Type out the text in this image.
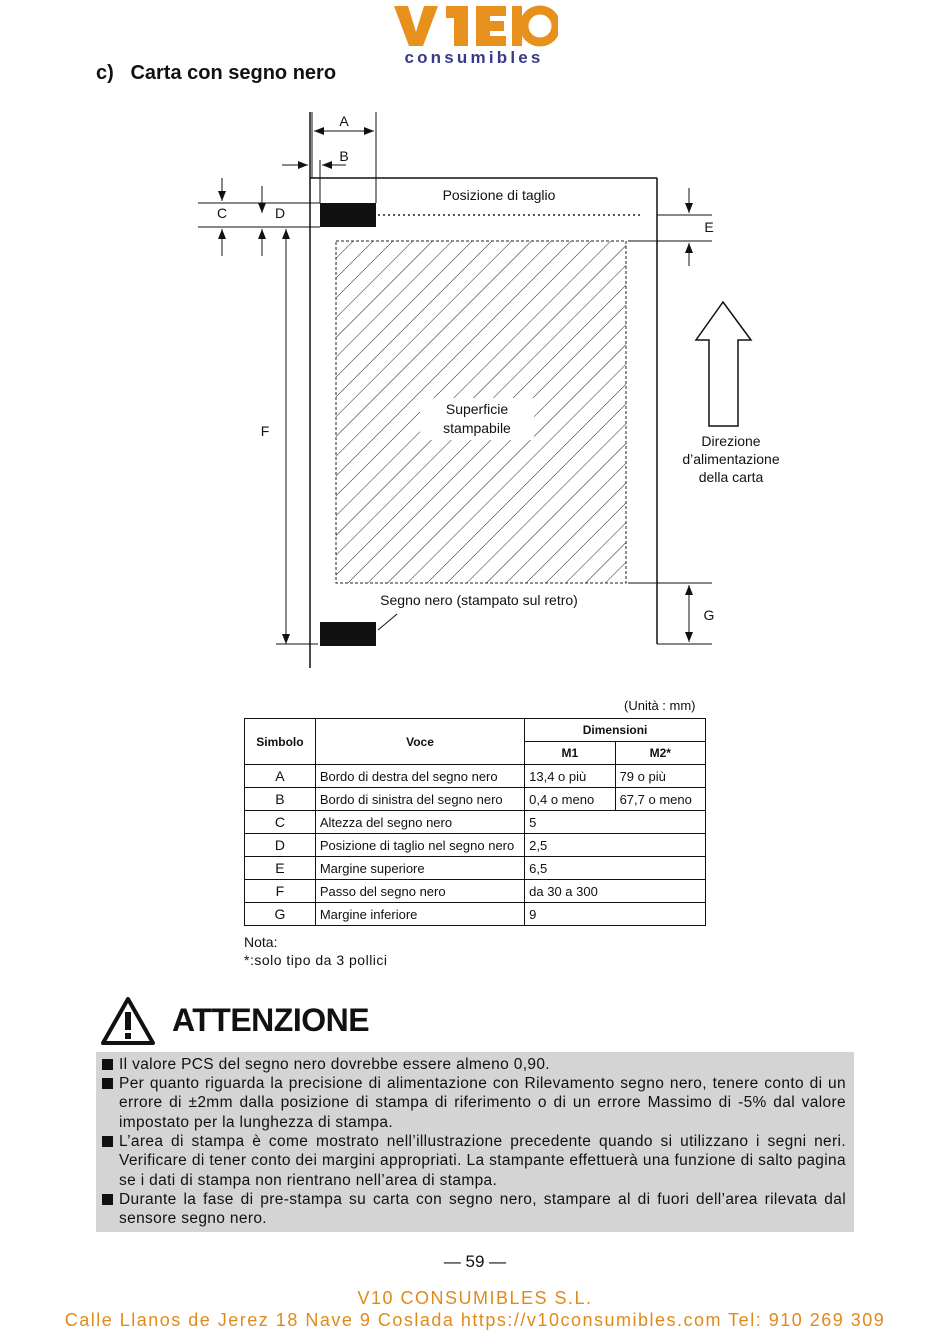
consumibles
c)   Carta con segno nero
Superficie
stampabile
A
B
C	D
F
Posizione di taglio
E
G
Direzione
d’alimentazione
della carta
Segno nero (stampato sul retro)
(Unità : mm)
Simbolo	Voce	Dimensioni	
		M1	M2*
A	Bordo di destra del segno nero	13,4 o più	79 o più
B	Bordo di sinistra del segno nero	0,4 o meno	67,7 o meno
C	Altezza del segno nero	5	
D	Posizione di taglio nel segno nero	2,5	
E	Margine superiore	6,5	
F	Passo del segno nero	da 30 a 300	
G	Margine inferiore	9	
Nota:
*:solo tipo da 3 pollici
ATTENZIONE
Il valore PCS del segno nero dovrebbe essere almeno 0,90.
Per quanto riguarda la precisione di alimentazione con Rilevamento segno nero, tenere conto di un errore di ±2mm dalla posizione di stampa di riferimento o di un errore Massimo di -5% dal valore impostato per la lunghezza di stampa.
L’area di stampa è come mostrato nell’illustrazione precedente quando si utilizzano i segni neri. Verificare di tener conto dei margini appropriati. La stampante effettuerà una funzione di salto pagina se i dati di stampa non rientrano nell’area di stampa.
Durante la fase di pre-stampa su carta con segno nero, stampare al di fuori dell’area rilevata dal sensore segno nero.
— 59 —
V10 CONSUMIBLES S.L.
Calle Llanos de Jerez 18 Nave 9 Coslada https://v10consumibles.com Tel: 910 269 309
